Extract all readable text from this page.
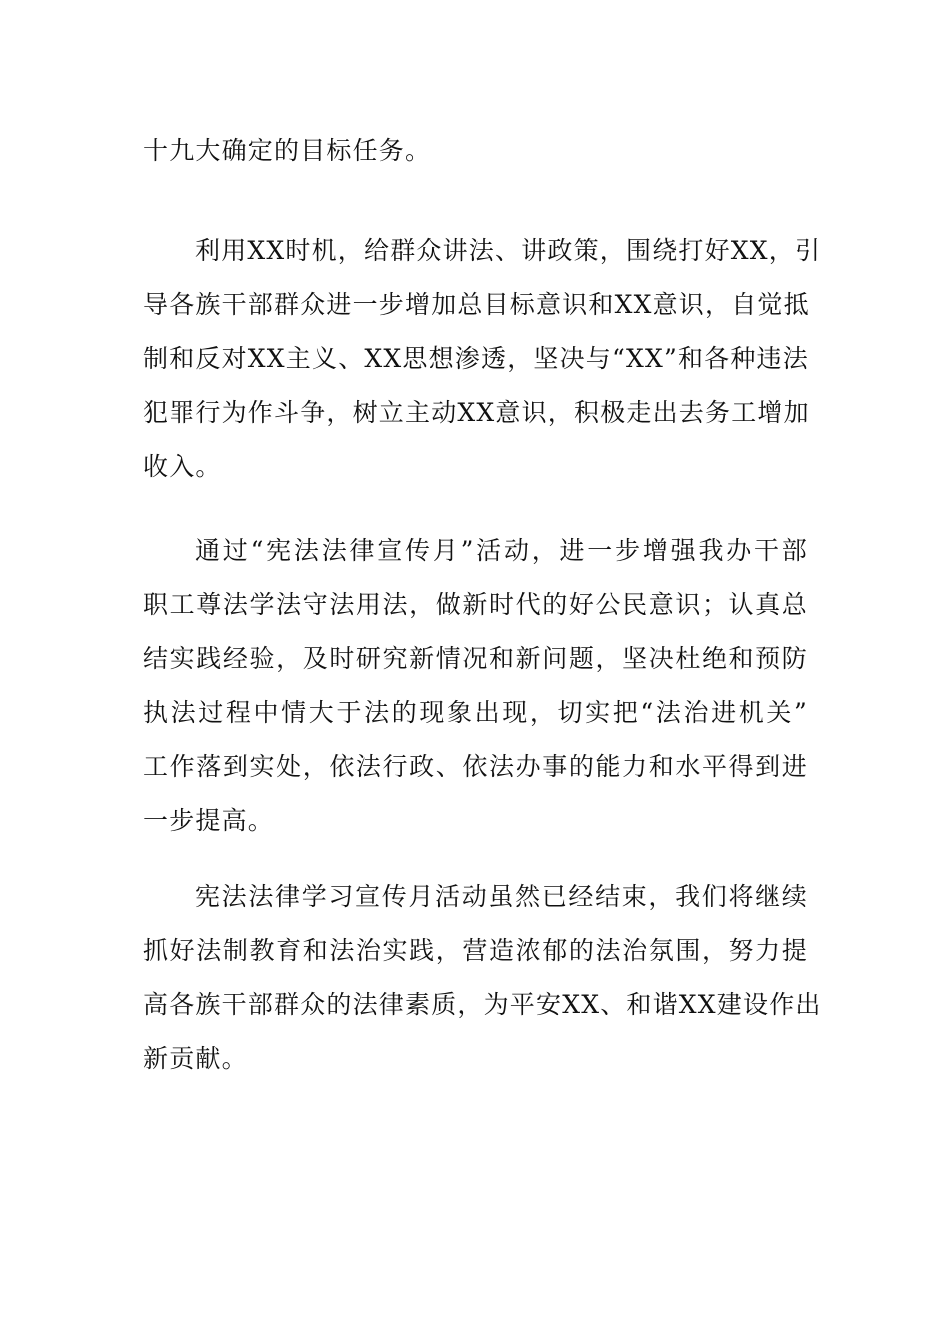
十九大确定的目标任务。

利用XX时机，给群众讲法、讲政策，围绕打好XX，引
导各族干部群众进一步增加总目标意识和XX意识，自觉抵
制和反对XX主义、XX思想渗透，坚决与“XX”和各种违法
犯罪行为作斗争，树立主动XX意识，积极走出去务工增加
收入。

通过“宪法法律宣传月”活动，进一步增强我办干部
职工尊法学法守法用法，做新时代的好公民意识；认真总
结实践经验，及时研究新情况和新问题，坚决杜绝和预防
执法过程中情大于法的现象出现，切实把“法治进机关”
工作落到实处，依法行政、依法办事的能力和水平得到进
一步提高。

宪法法律学习宣传月活动虽然已经结束，我们将继续
抓好法制教育和法治实践，营造浓郁的法治氛围，努力提
高各族干部群众的法律素质，为平安XX、和谐XX建设作出
新贡献。
